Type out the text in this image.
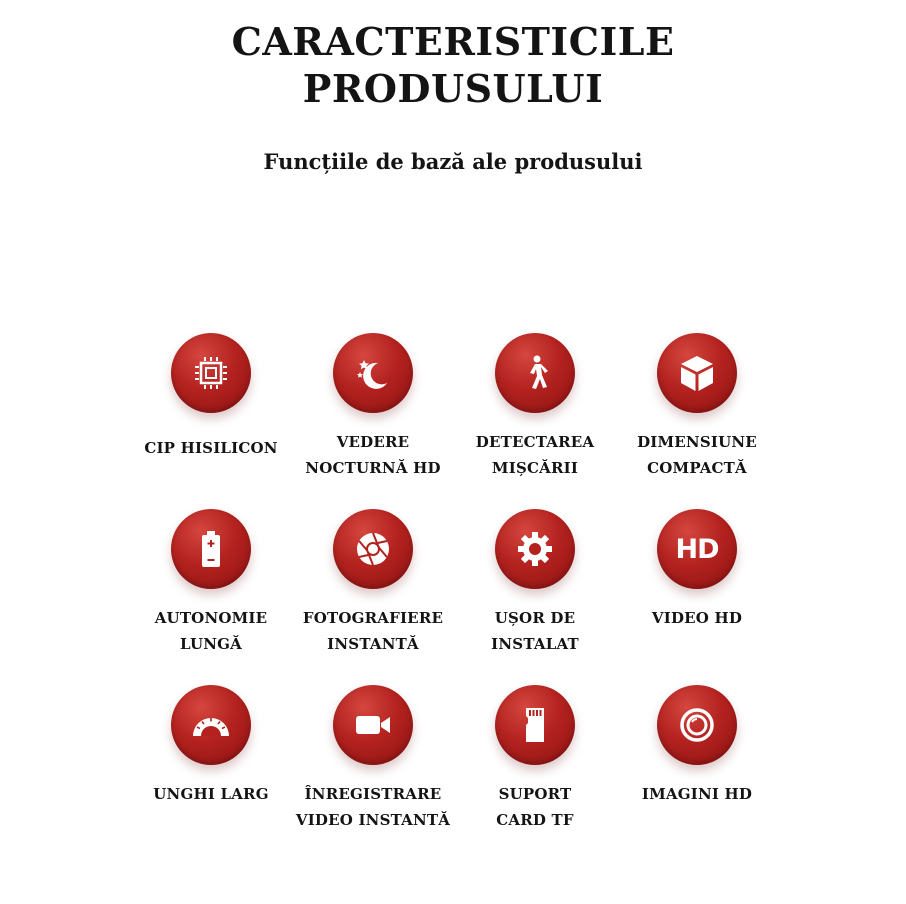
CARACTERISTICILE
PRODUSULUI
Funcțiile de bază ale produsului
CIP HISILICON	VEDERE
NOCTURNĂ HD
DETECTAREA
MIȘCĂRII
DIMENSIUNE
COMPACTĂ
AUTONOMIE
LUNGĂ
FOTOGRAFIERE
INSTANTĂ
UȘOR DE
INSTALAT
HD
VIDEO HD
UNGHI LARG	ÎNREGISTRARE
VIDEO INSTANTĂ
SUPORT
CARD TF
IMAGINI HD
